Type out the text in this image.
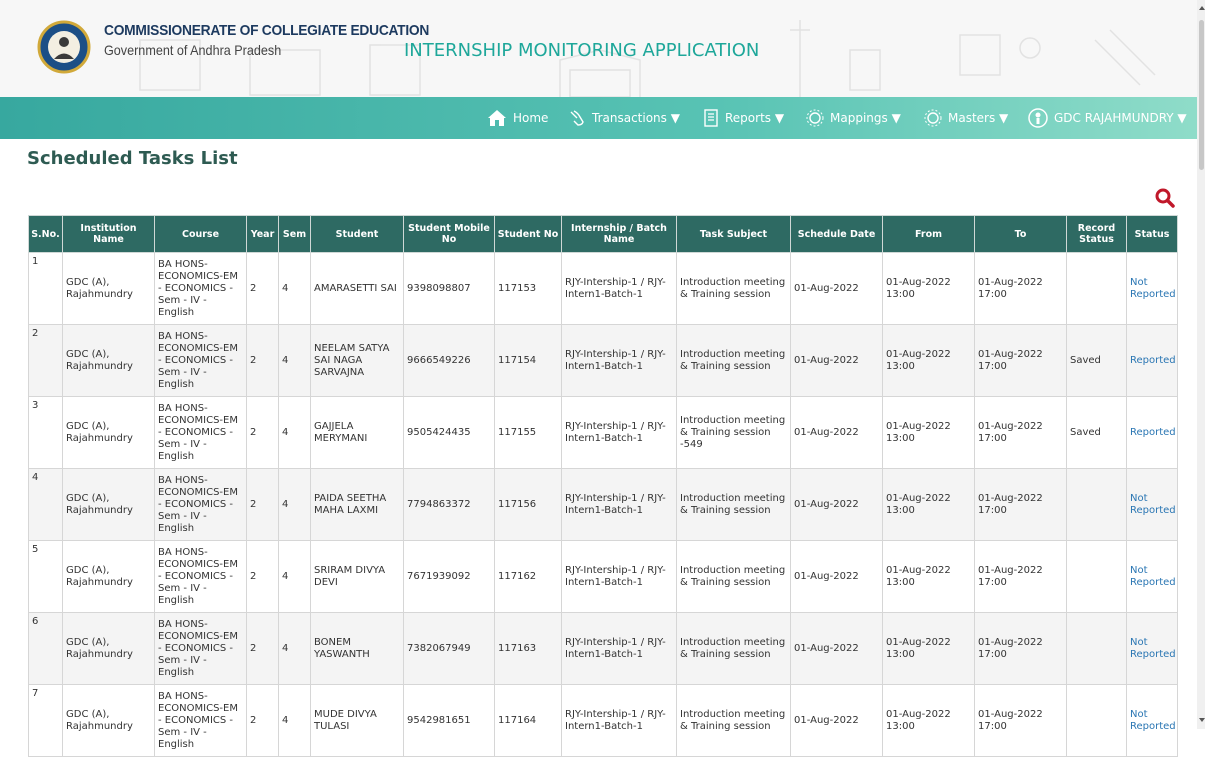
COMMISSIONERATE OF COLLEGIATE EDUCATION
Government of Andhra Pradesh	INTERNSHIP MONITORING APPLICATION
Home	Transactions ▼	Reports ▼	Mappings ▼	Masters ▼	GDC RAJAHMUNDRY ▼
Scheduled Tasks List
S.No.	Institution Name	Course	Year	Sem	Student	Student Mobile No	Student No	Internship / Batch Name	Task Subject	Schedule Date	From	To	Record Status	Status
1	GDC (A), Rajahmundry	BA HONS-ECONOMICS-EM - ECONOMICS - Sem - IV - English	2	4	AMARASETTI SAI	9398098807	117153	RJY-Intership-1 / RJY-Intern1-Batch-1	Introduction meeting & Training session	01-Aug-2022	01-Aug-2022 13:00	01-Aug-2022 17:00		Not Reported
2	GDC (A), Rajahmundry	BA HONS-ECONOMICS-EM - ECONOMICS - Sem - IV - English	2	4	NEELAM SATYA SAI NAGA SARVAJNA	9666549226	117154	RJY-Intership-1 / RJY-Intern1-Batch-1	Introduction meeting & Training session	01-Aug-2022	01-Aug-2022 13:00	01-Aug-2022 17:00	Saved	Reported
3	GDC (A), Rajahmundry	BA HONS-ECONOMICS-EM - ECONOMICS - Sem - IV - English	2	4	GAJJELA MERYMANI	9505424435	117155	RJY-Intership-1 / RJY-Intern1-Batch-1	Introduction meeting & Training session -549	01-Aug-2022	01-Aug-2022 13:00	01-Aug-2022 17:00	Saved	Reported
4	GDC (A), Rajahmundry	BA HONS-ECONOMICS-EM - ECONOMICS - Sem - IV - English	2	4	PAIDA SEETHA MAHA LAXMI	7794863372	117156	RJY-Intership-1 / RJY-Intern1-Batch-1	Introduction meeting & Training session	01-Aug-2022	01-Aug-2022 13:00	01-Aug-2022 17:00		Not Reported
5	GDC (A), Rajahmundry	BA HONS-ECONOMICS-EM - ECONOMICS - Sem - IV - English	2	4	SRIRAM DIVYA DEVI	7671939092	117162	RJY-Intership-1 / RJY-Intern1-Batch-1	Introduction meeting & Training session	01-Aug-2022	01-Aug-2022 13:00	01-Aug-2022 17:00		Not Reported
6	GDC (A), Rajahmundry	BA HONS-ECONOMICS-EM - ECONOMICS - Sem - IV - English	2	4	BONEM YASWANTH	7382067949	117163	RJY-Intership-1 / RJY-Intern1-Batch-1	Introduction meeting & Training session	01-Aug-2022	01-Aug-2022 13:00	01-Aug-2022 17:00		Not Reported
7	GDC (A), Rajahmundry	BA HONS-ECONOMICS-EM - ECONOMICS - Sem - IV - English	2	4	MUDE DIVYA TULASI	9542981651	117164	RJY-Intership-1 / RJY-Intern1-Batch-1	Introduction meeting & Training session	01-Aug-2022	01-Aug-2022 13:00	01-Aug-2022 17:00		Not Reported
